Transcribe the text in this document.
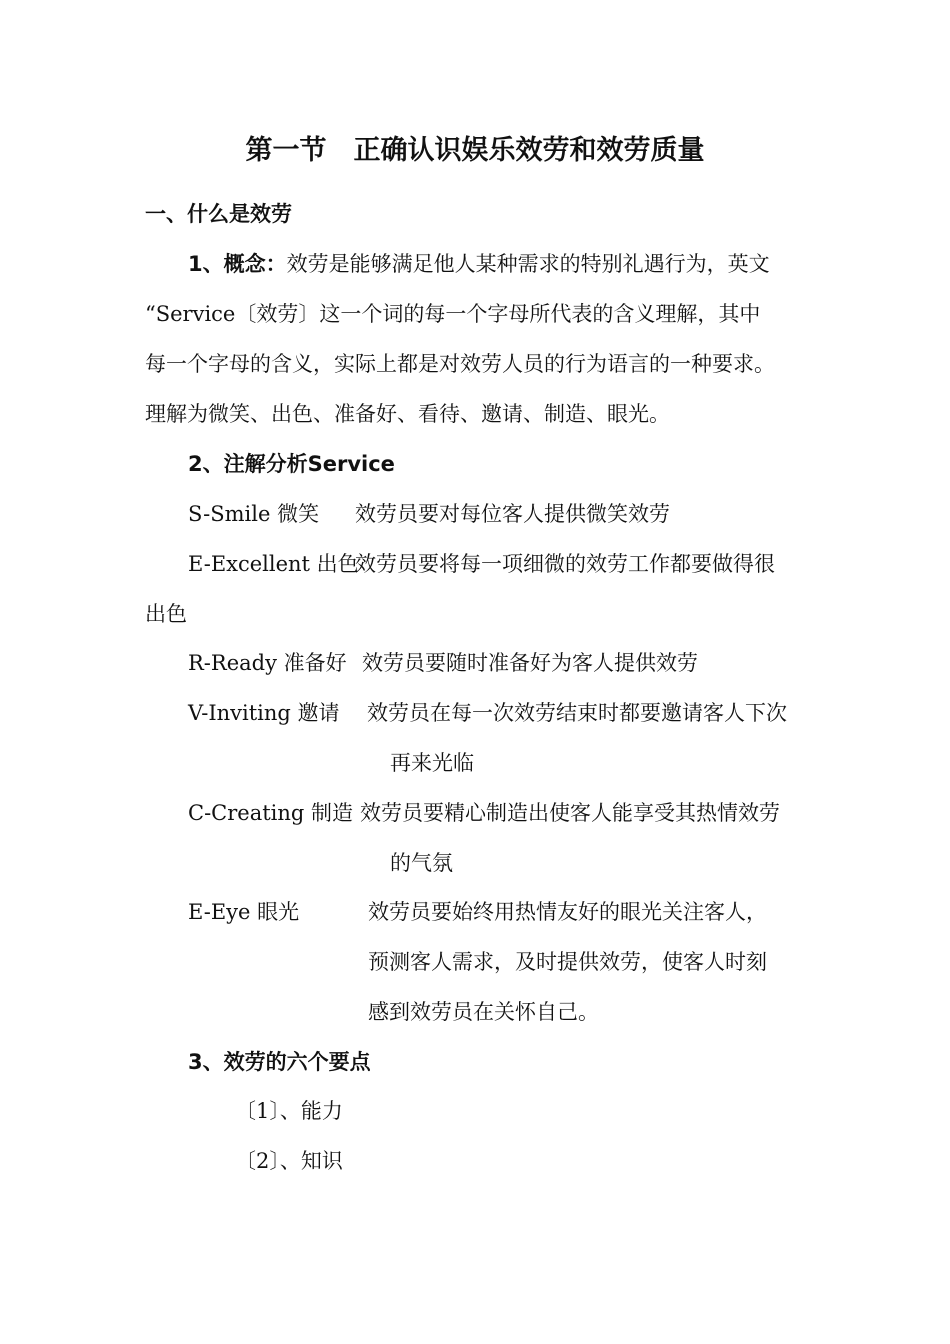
第一节　正确认识娱乐效劳和效劳质量
一、什么是效劳
1、概念：效劳是能够满足他人某种需求的特别礼遇行为，英文
“Service〔效劳〕这一个词的每一个字母所代表的含义理解，其中
每一个字母的含义，实际上都是对效劳人员的行为语言的一种要求。
理解为微笑、出色、准备好、看待、邀请、制造、眼光。
2、注解分析Service
S-Smile 微笑 效劳员要对每位客人提供微笑效劳
E-Excellent 出色
效劳员要将每一项细微的效劳工作都要做得很
出色
R-Ready 准备好 效劳员要随时准备好为客人提供效劳
V-Inviting 邀请 效劳员在每一次效劳结束时都要邀请客人下次
再来光临
C-Creating 制造 效劳员要精心制造出使客人能享受其热情效劳
的气氛
E-Eye 眼光	效劳员要始终用热情友好的眼光关注客人，
预测客人需求，及时提供效劳，使客人时刻
感到效劳员在关怀自己。
3、效劳的六个要点
〔1〕、能力
〔2〕、知识
